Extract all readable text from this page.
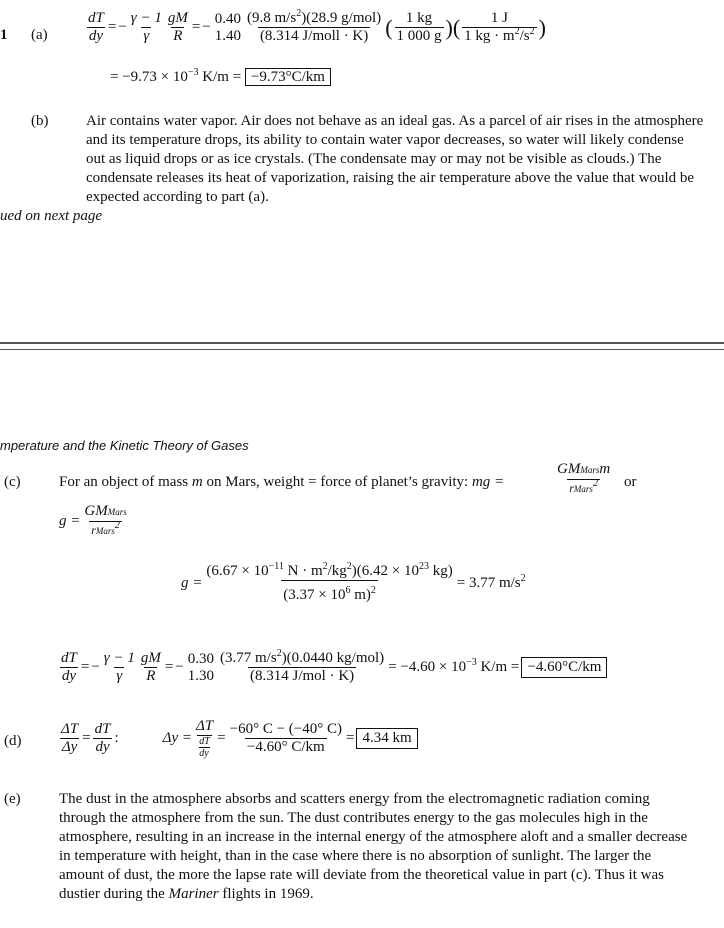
1 (a)	$\frac{dT}{dy}$ = − $\frac{\gamma - 1}{\gamma} \frac{gM}{R}$ = −
0.40
$1.40 \frac{(9.8 m/s^2)(28.9 g/mol)}{\text{(8.314 J/moll · K)}}$ ( $\frac{1 kg}{1 000 g}$ )( $\frac{1 J}{1 kg \cdot m^2/s^2}$ )
= $-9.73 \times 10^{-3}$ K/m = −9.73°C/km
(b)	Air contains water vapor. Air does not behave as an ideal gas. As a parcel of air rises in the atmosphere and its temperature drops, its ability to contain water vapor decreases, so water will likely condense out as liquid drops or as ice crystals. (The condensate may or may not be visible as clouds.) The condensate releases its heat of vaporization, raising the air temperature above the value that would be expected according to part (a).
ued on next page
mperature and the Kinetic Theory of Gases
(c)	For an object of mass m on Mars, weight = force of planet’s gravity: mg =	$\frac{\text{GMMarsm}}{rMars^2}$ or
$g = \frac{\text{GMMars}}{rMars^2}$
$g = \frac{(6.67 \times 10^{-11} N \cdot m^2/kg^2)(6.42 \times 10^{23} kg)}{(3.37 \times 10^6 m)^2} = 3.77$ $m/s^2$
$\frac{dT}{dy}$ = − $\frac{\gamma - 1}{\gamma} \frac{gM}{R}$ = −
0.30
$1.30 \frac{(3.77 m/s^2)(0.0440 kg/mol)}{\text{(8.314 J/mol · K)}} = -4.60 \times 10^{-3}$ K/m = −4.60°C/km
(d)	$\frac{\Delta T}{\Delta y} = \frac{dT}{dy}$ :	Δy = ΔT
dT
dy = $\frac{-60^\circ C - (-40^\circ C)}{-4.60^\circ C/km} = 4.34$ km
(e)	The dust in the atmosphere absorbs and scatters energy from the electromagnetic radiation coming through the atmosphere from the sun. The dust contributes energy to the gas molecules high in the atmosphere, resulting in an increase in the internal energy of the atmosphere aloft and a smaller decrease in temperature with height, than in the case where there is no absorption of sunlight. The larger the amount of dust, the more the lapse rate will deviate from the theoretical value in part (c). Thus it was dustier during the Mariner flights in 1969.
